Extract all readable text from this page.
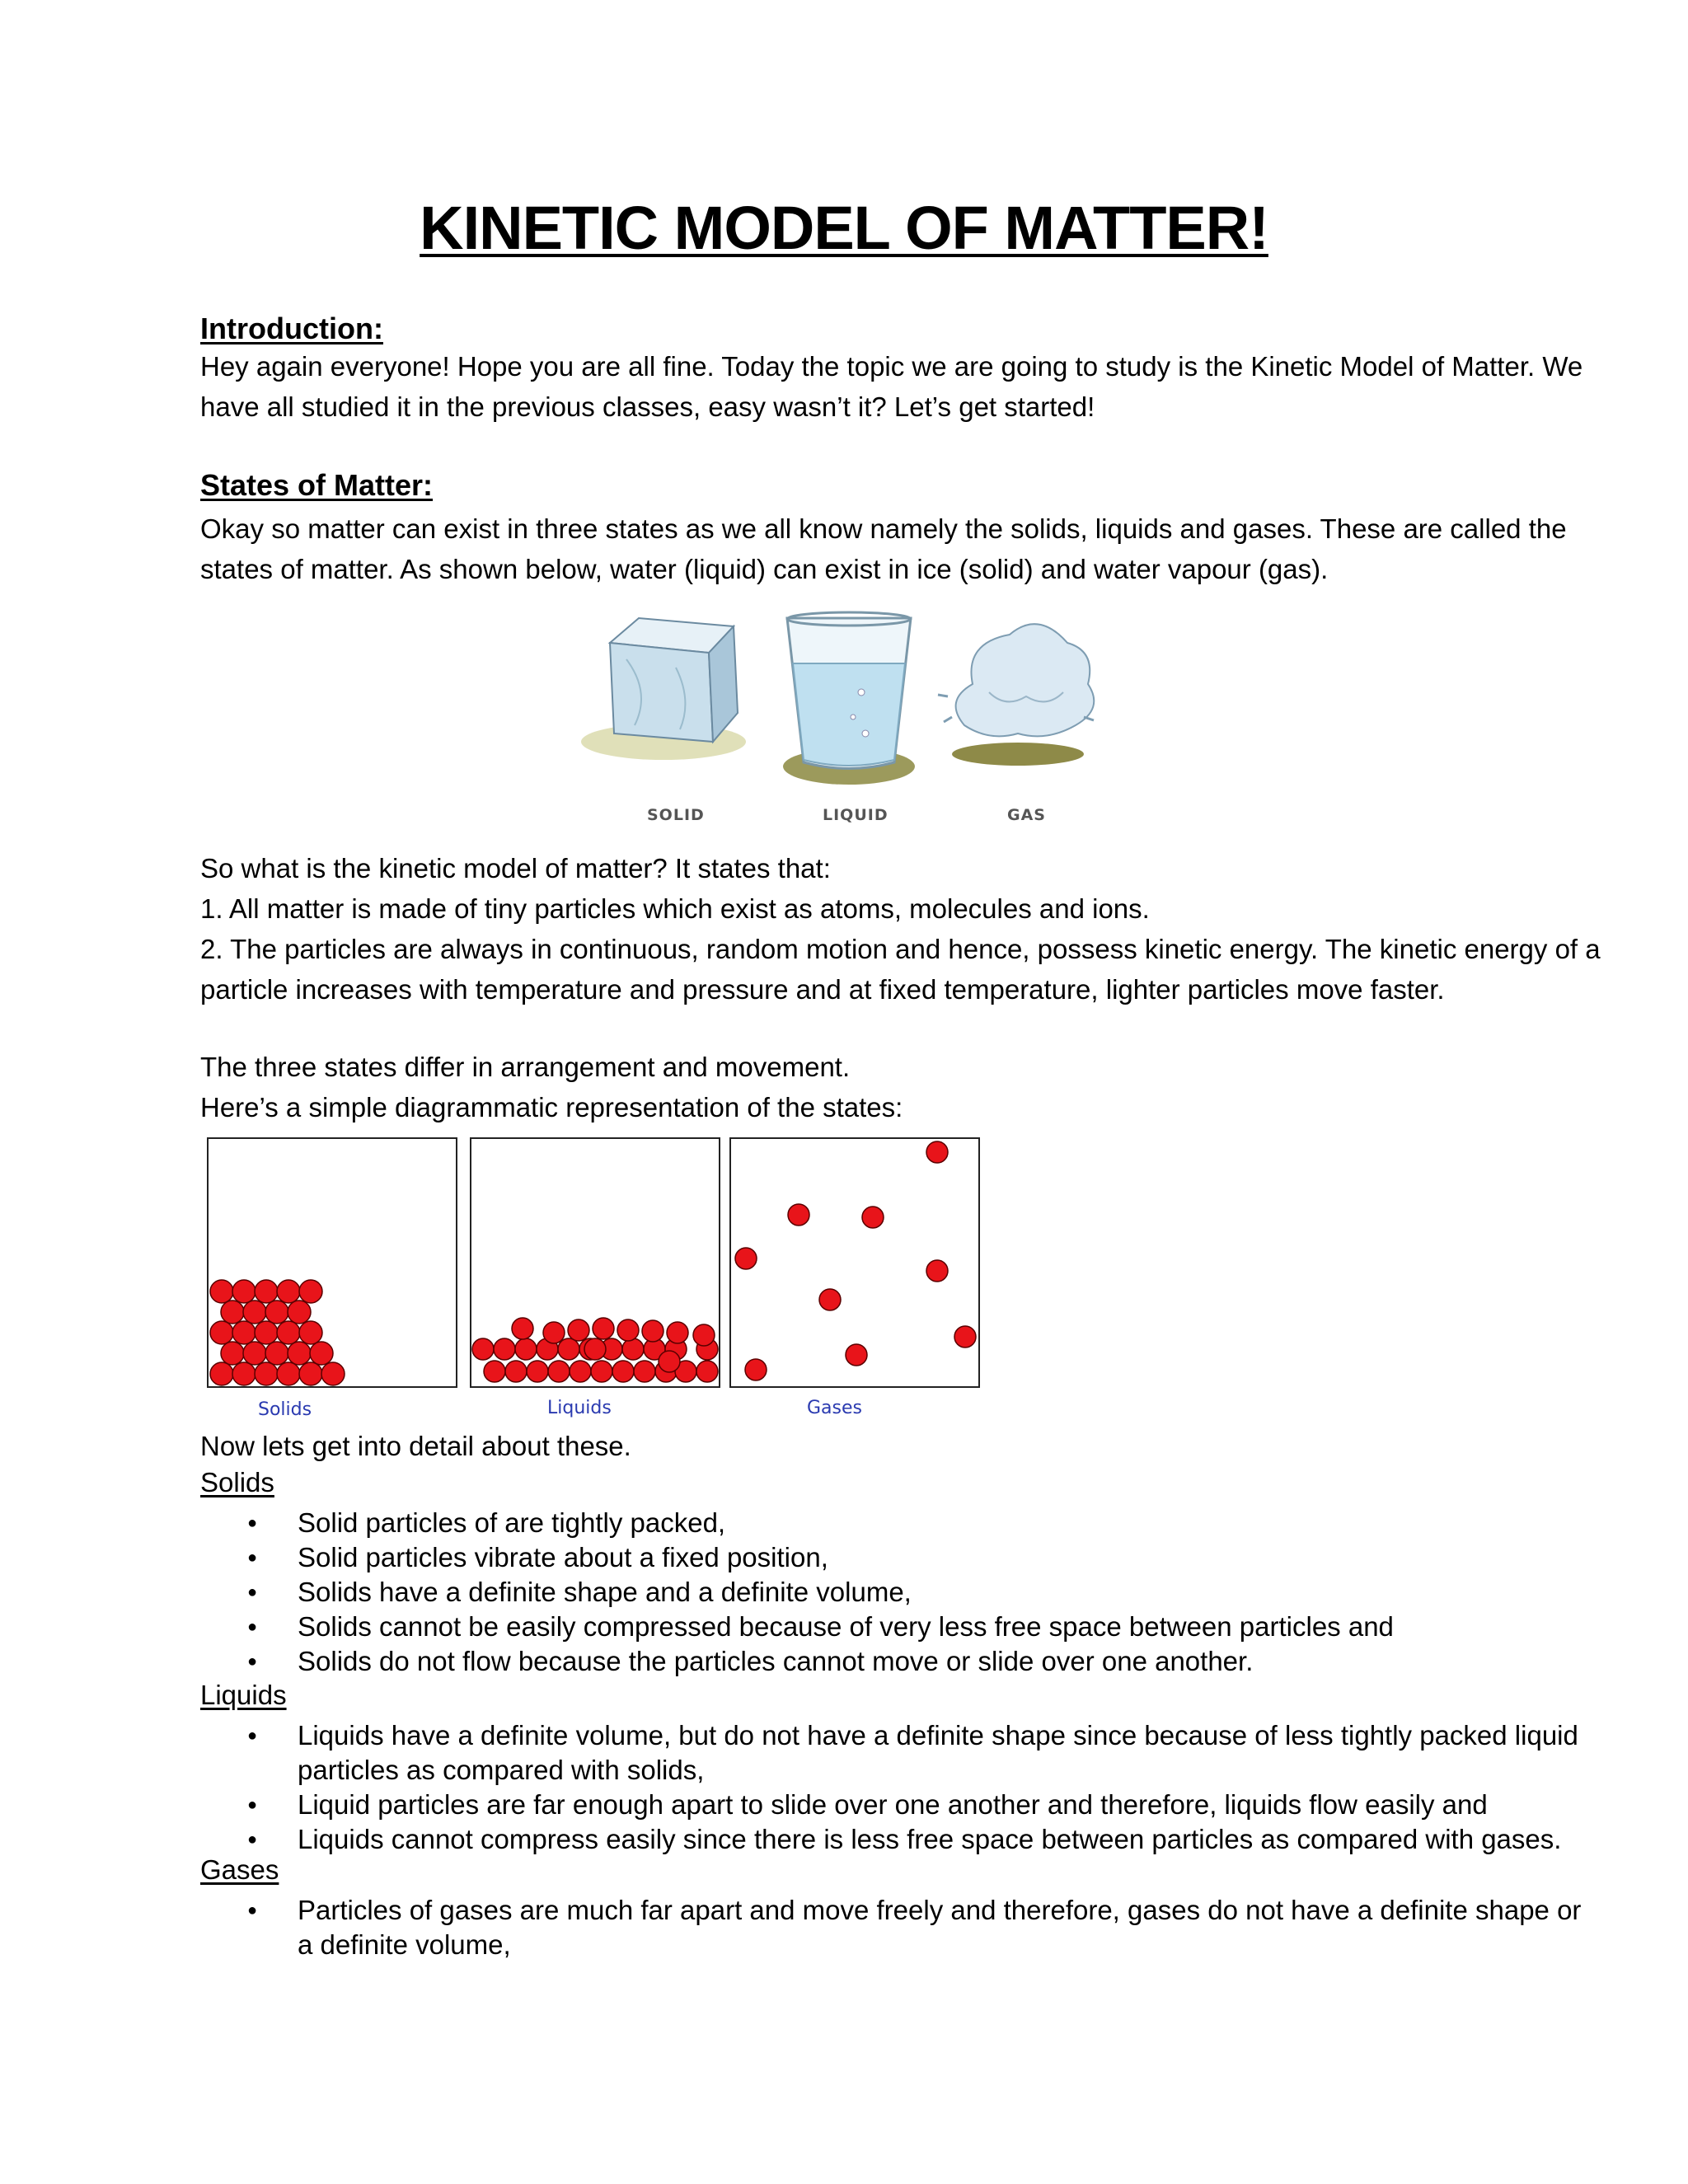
KINETIC MODEL OF MATTER!
Introduction:
Hey again everyone! Hope you are all fine. Today the topic we are going to study is the Kinetic Model of Matter. We
have all studied it in the previous classes, easy wasn’t it? Let’s get started!
States of Matter:
Okay so matter can exist in three states as we all know namely the solids, liquids and gases. These are called the
states of matter. As shown below, water (liquid) can exist in ice (solid) and water vapour (gas).
SOLID	LIQUID	GAS
So what is the kinetic model of matter? It states that:
1. All matter is made of tiny particles which exist as atoms, molecules and ions.
2. The particles are always in continuous, random motion and hence, possess kinetic energy. The kinetic energy of a
particle increases with temperature and pressure and at fixed temperature, lighter particles move faster.
The three states differ in arrangement and movement.
Here’s a simple diagrammatic representation of the states:
Solids	Liquids	Gases
Now lets get into detail about these.
Solids
● Solid particles of are tightly packed,
● Solid particles vibrate about a fixed position,
● Solids have a definite shape and a definite volume,
● Solids cannot be easily compressed because of very less free space between particles and
● Solids do not flow because the particles cannot move or slide over one another.
Liquids
● Liquids have a definite volume, but do not have a definite shape since because of less tightly packed liquid
particles as compared with solids,
● Liquid particles are far enough apart to slide over one another and therefore, liquids flow easily and
● Liquids cannot compress easily since there is less free space between particles as compared with gases.
Gases
● Particles of gases are much far apart and move freely and therefore, gases do not have a definite shape or
a definite volume,
